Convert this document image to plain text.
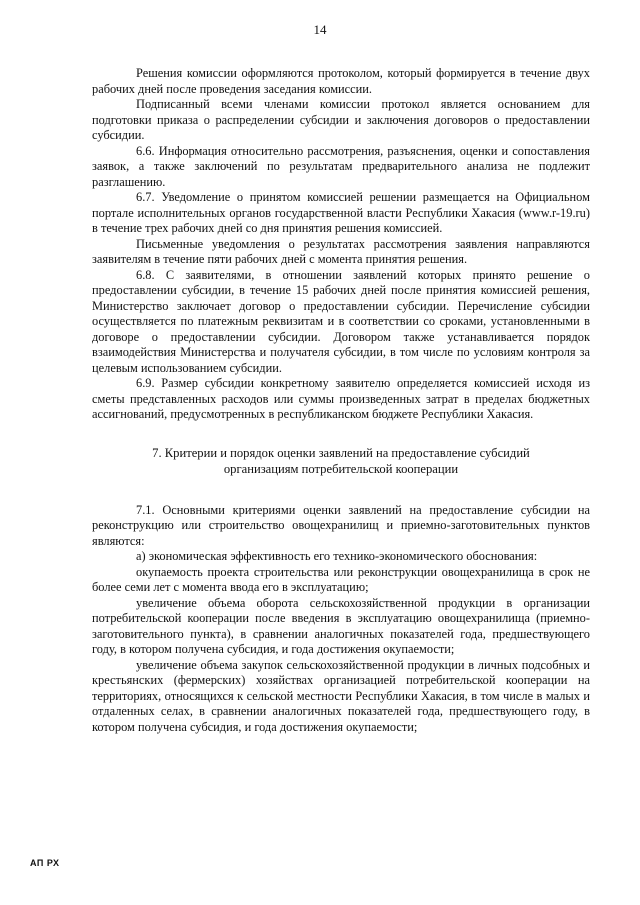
14

Решения комиссии оформляются протоколом, который формируется в течение двух рабочих дней после проведения заседания комиссии.

Подписанный всеми членами комиссии протокол является основанием для подготовки приказа о распределении субсидии и заключения договоров о предоставлении субсидии.

6.6. Информация относительно рассмотрения, разъяснения, оценки и сопоставления заявок, а также заключений по результатам предварительного анализа не подлежит разглашению.

6.7. Уведомление о принятом комиссией решении размещается на Официальном портале исполнительных органов государственной власти Республики Хакасия (www.r-19.ru) в течение трех рабочих дней со дня принятия решения комиссией.

Письменные уведомления о результатах рассмотрения заявления направляются заявителям в течение пяти рабочих дней с момента принятия решения.

6.8. С заявителями, в отношении заявлений которых принято решение о предоставлении субсидии, в течение 15 рабочих дней после принятия комиссией решения, Министерство заключает договор о предоставлении субсидии. Перечисление субсидии осуществляется по платежным реквизитам и в соответствии со сроками, установленными в договоре о предоставлении субсидии. Договором также устанавливается порядок взаимодействия Министерства и получателя субсидии, в том числе по условиям контроля за целевым использованием субсидии.

6.9. Размер субсидии конкретному заявителю определяется комиссией исходя из сметы представленных расходов или суммы произведенных затрат в пределах бюджетных ассигнований, предусмотренных в республиканском бюджете Республики Хакасия.

7. Критерии и порядок оценки заявлений на предоставление субсидий
организациям потребительской кооперации

7.1. Основными критериями оценки заявлений на предоставление субсидии на реконструкцию или строительство овощехранилищ и приемно-заготовительных пунктов являются:

а) экономическая эффективность его технико-экономического обоснования:

окупаемость проекта строительства или реконструкции овощехранилища в срок не более семи лет с момента ввода его в эксплуатацию;

увеличение объема оборота сельскохозяйственной продукции в организации потребительской кооперации после введения в эксплуатацию овощехранилища (приемно-заготовительного пункта), в сравнении аналогичных показателей года, предшествующего году, в котором получена субсидия, и года достижения окупаемости;

увеличение объема закупок сельскохозяйственной продукции в личных подсобных и крестьянских (фермерских) хозяйствах организацией потребительской кооперации на территориях, относящихся к сельской местности Республики Хакасия, в том числе в малых и отдаленных селах, в сравнении аналогичных показателей года, предшествующего году, в котором получена субсидия, и года достижения окупаемости;

АП РХ
